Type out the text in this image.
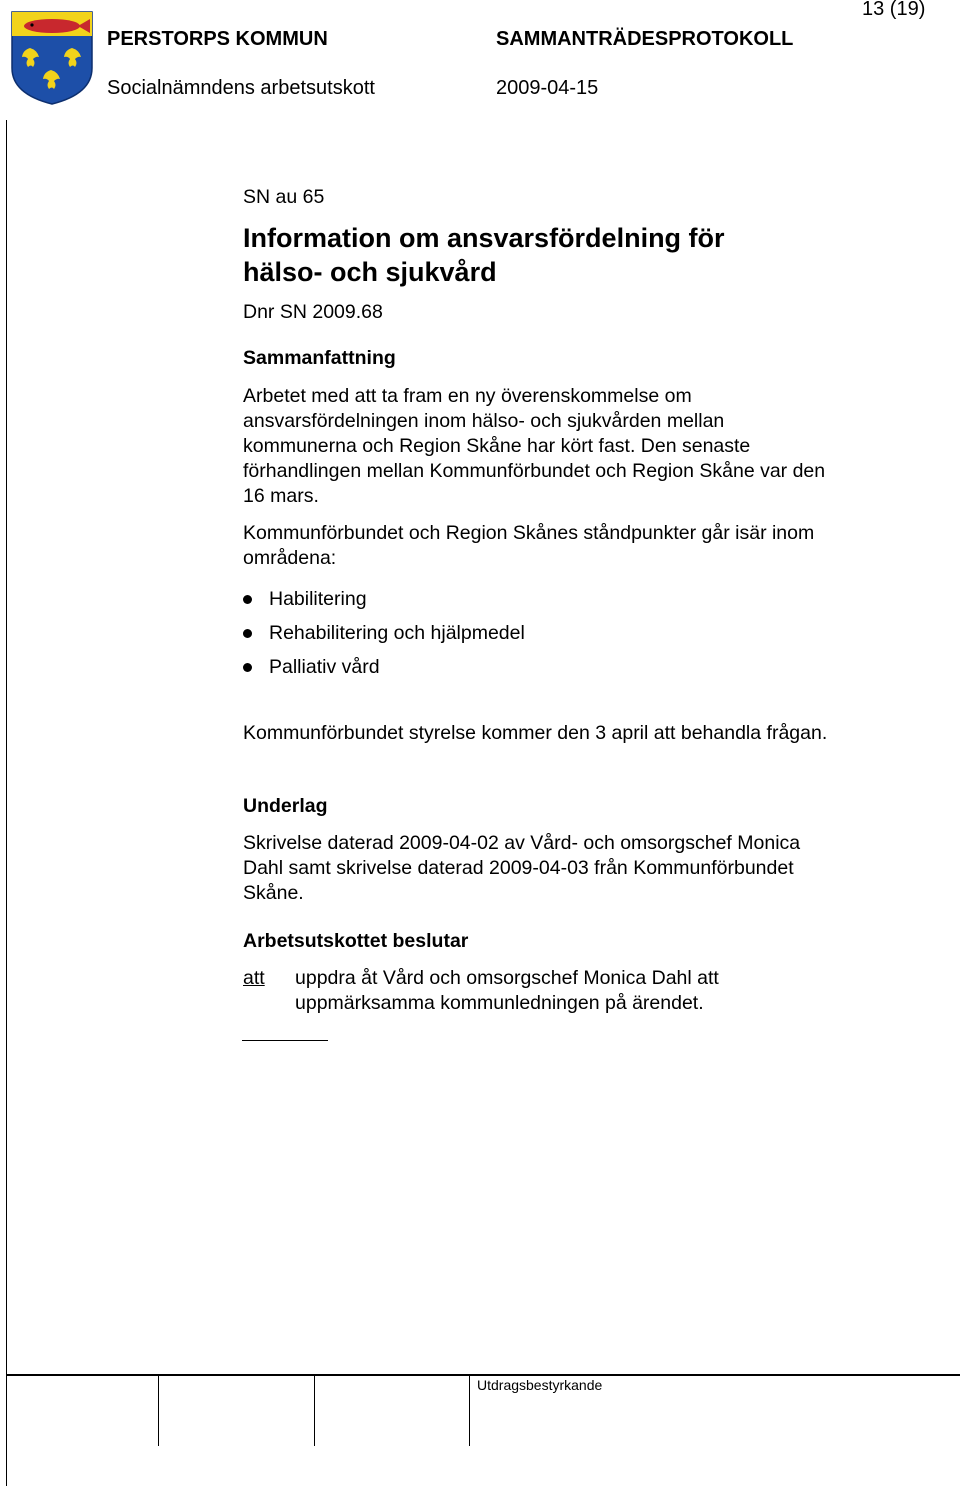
13 (19)
PERSTORPS KOMMUN	SAMMANTRÄDESPROTOKOLL
Socialnämndens arbetsutskott	2009-04-15

SN au 65

Information om ansvarsfördelning för

hälso- och sjukvård

Dnr SN 2009.68

Sammanfattning

Arbetet med att ta fram en ny överenskommelse om ansvarsfördelningen inom hälso- och sjukvården mellan kommunerna och Region Skåne har kört fast. Den senaste förhandlingen mellan Kommunförbundet och Region Skåne var den 16 mars.

Kommunförbundet och Region Skånes ståndpunkter går isär inom områdena:

Habilitering
Rehabilitering och hjälpmedel
Palliativ vård

Kommunförbundet styrelse kommer den 3 april att behandla frågan.

Underlag

Skrivelse daterad 2009-04-02 av Vård- och omsorgschef Monica Dahl samt skrivelse daterad 2009-04-03 från Kommunförbundet Skåne.

Arbetsutskottet beslutar

att	uppdra åt Vård och omsorgschef Monica Dahl att uppmärksamma kommunledningen på ärendet.
Utdragsbestyrkande
